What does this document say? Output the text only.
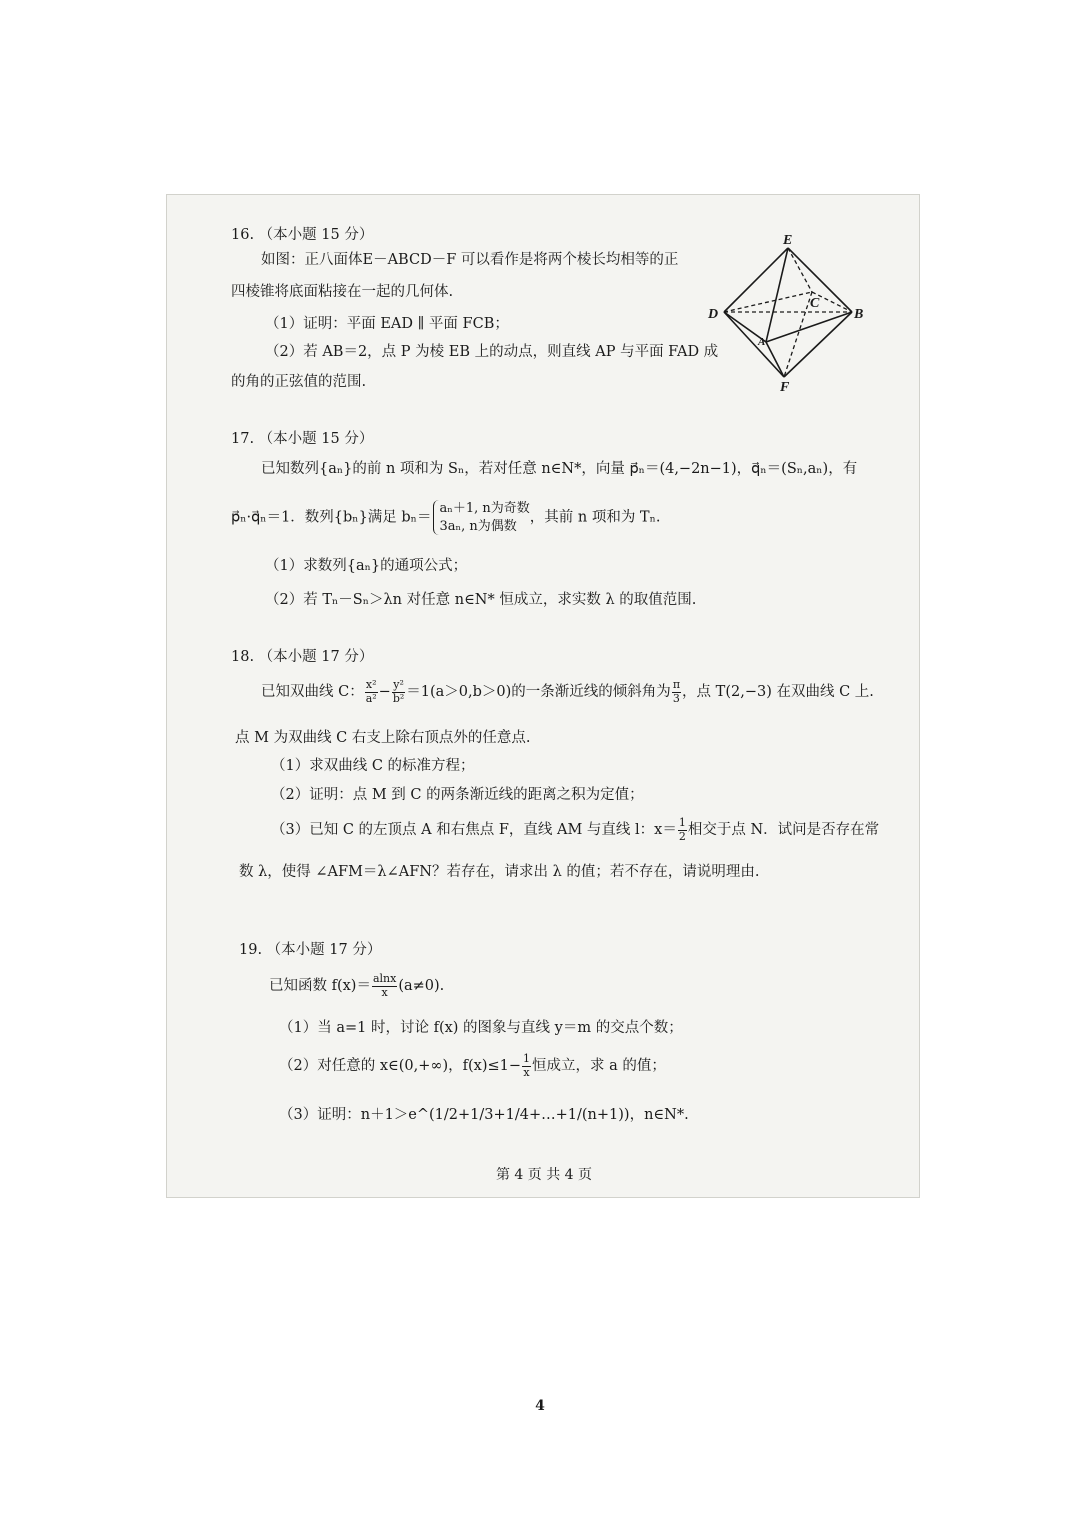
16. （本小题 15 分）
如图：正八面体E－ABCD－F 可以看作是将两个棱长均相等的正
四棱锥将底面粘接在一起的几何体.
（1）证明：平面 EAD ∥ 平面 FCB；
（2）若 AB＝2，点 P 为棱 EB 上的动点，则直线 AP 与平面 FAD 成
的角的正弦值的范围.
17. （本小题 15 分）
已知数列{aₙ}的前 n 项和为 Sₙ，若对任意 n∈N*，向量 p⃗ₙ＝(4,−2n−1)，q⃗ₙ＝(Sₙ,aₙ)，有
p⃗ₙ·q⃗ₙ＝1．数列{bₙ}满足 bₙ＝
aₙ＋1, n为奇数
3aₙ, n为偶数
，其前 n 项和为 Tₙ.
（1）求数列{aₙ}的通项公式；
（2）若 Tₙ－Sₙ＞λn 对任意 n∈N* 恒成立，求实数 λ 的取值范围.
18. （本小题 17 分）
已知双曲线 C： $\frac{\text{x²}}{\text{a²}} - \frac{\text{y²}}{\text{b²}} =1(a>0,b>0)$的一条渐近线的倾斜角为 $\frac{\pi}{3}$ ，点 T(2,−3) 在双曲线 C 上.
点 M 为双曲线 C 右支上除右顶点外的任意点.
（1）求双曲线 C 的标准方程；
（2）证明：点 M 到 C 的两条渐近线的距离之积为定值；
（3）已知 C 的左顶点 A 和右焦点 F，直线 AM 与直线 l：$x= \frac{1}{2}$ 相交于点 N．试问是否存在常
数 λ，使得 ∠AFM＝λ∠AFN？若存在，请求出 λ 的值；若不存在，请说明理由.
19. （本小题 17 分）
已知函数 $f(x)= \frac{alnx}{x} (a\ne 0)$.
（1）当 a=1 时，讨论 f(x) 的图象与直线 y＝m 的交点个数；
（2）对任意的 x∈(0,+∞)，$f(x)\le 1- \frac{1}{x}$ 恒成立，求 a 的值；
（3）证明：n＋1＞e^(1/2+1/3+1/4+…+1/(n+1))，n∈N*.
第 4 页 共 4 页
E
D
C
B
A
F
4
